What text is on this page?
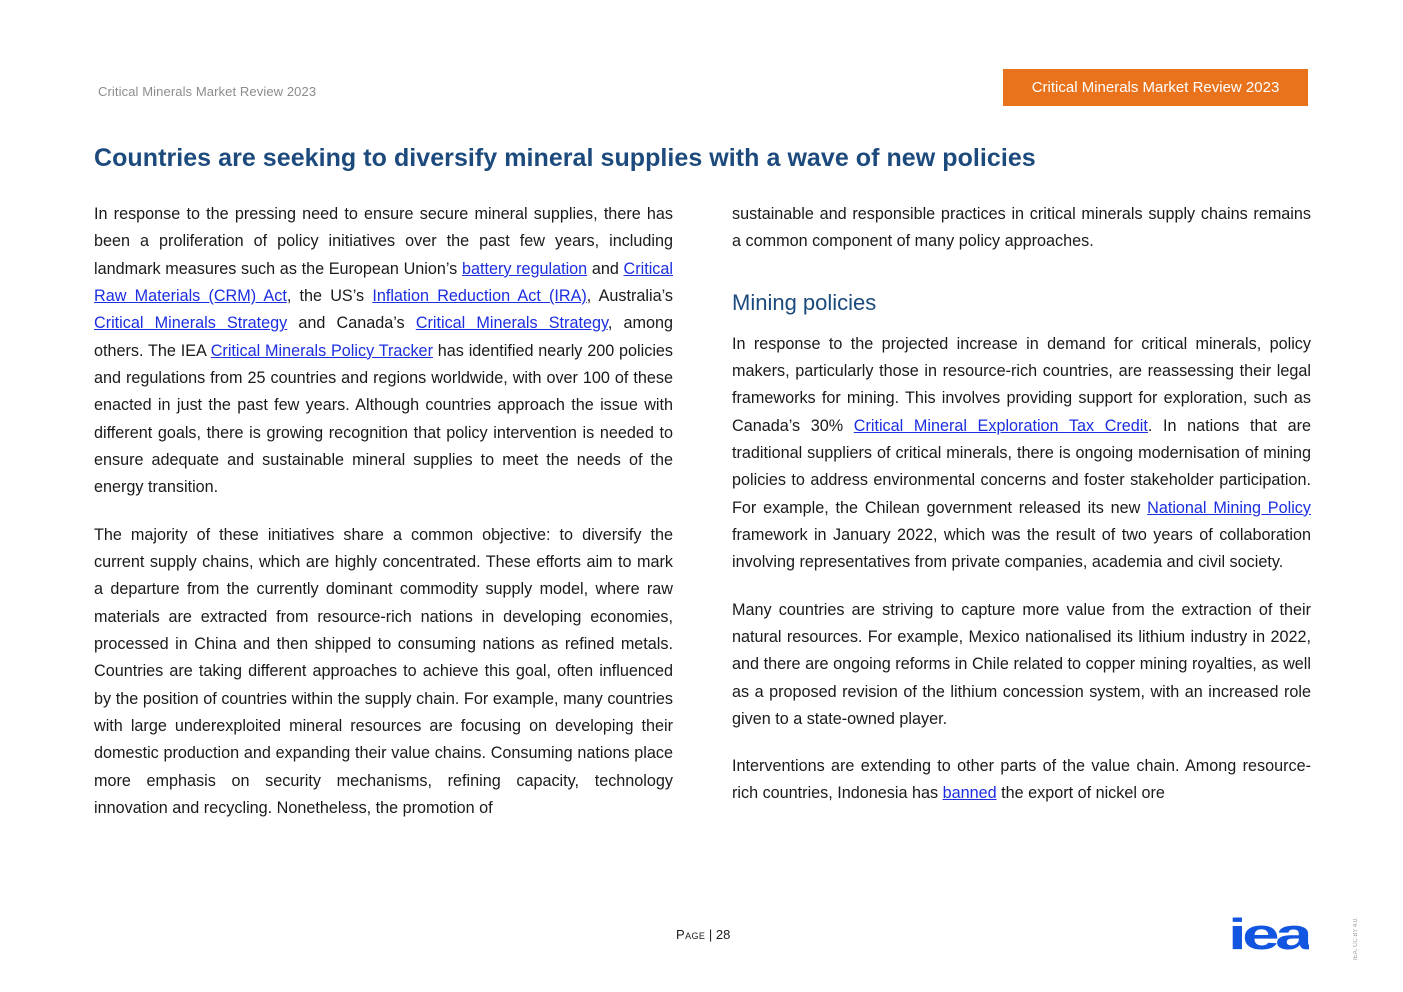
Critical Minerals Market Review 2023	Critical Minerals Market Review 2023
Countries are seeking to diversify mineral supplies with a wave of new policies

In response to the pressing need to ensure secure mineral supplies, there has been a proliferation of policy initiatives over the past few years, including landmark measures such as the European Union’s battery regulation and Critical Raw Materials (CRM) Act, the US’s Inflation Reduction Act (IRA), Australia’s Critical Minerals Strategy and Canada’s Critical Minerals Strategy, among others. The IEA Critical Minerals Policy Tracker has identified nearly 200 policies and regulations from 25 countries and regions worldwide, with over 100 of these enacted in just the past few years. Although countries approach the issue with different goals, there is growing recognition that policy intervention is needed to ensure adequate and sustainable mineral supplies to meet the needs of the energy transition.

The majority of these initiatives share a common objective: to diversify the current supply chains, which are highly concentrated. These efforts aim to mark a departure from the currently dominant commodity supply model, where raw materials are extracted from resource-rich nations in developing economies, processed in China and then shipped to consuming nations as refined metals. Countries are taking different approaches to achieve this goal, often influenced by the position of countries within the supply chain. For example, many countries with large underexploited mineral resources are focusing on developing their domestic production and expanding their value chains. Consuming nations place more emphasis on security mechanisms, refining capacity, technology innovation and recycling. Nonetheless, the promotion of

sustainable and responsible practices in critical minerals supply chains remains a common component of many policy approaches.

Mining policies

In response to the projected increase in demand for critical minerals, policy makers, particularly those in resource-rich countries, are reassessing their legal frameworks for mining. This involves providing support for exploration, such as Canada’s 30% Critical Mineral Exploration Tax Credit. In nations that are traditional suppliers of critical minerals, there is ongoing modernisation of mining policies to address environmental concerns and foster stakeholder participation. For example, the Chilean government released its new National Mining Policy framework in January 2022, which was the result of two years of collaboration involving representatives from private companies, academia and civil society.

Many countries are striving to capture more value from the extraction of their natural resources. For example, Mexico nationalised its lithium industry in 2022, and there are ongoing reforms in Chile related to copper mining royalties, as well as a proposed revision of the lithium concession system, with an increased role given to a state-owned player.

Interventions are extending to other parts of the value chain. Among resource-rich countries, Indonesia has banned the export of nickel ore

Page | 28	iea	IEA. CC BY 4.0.
